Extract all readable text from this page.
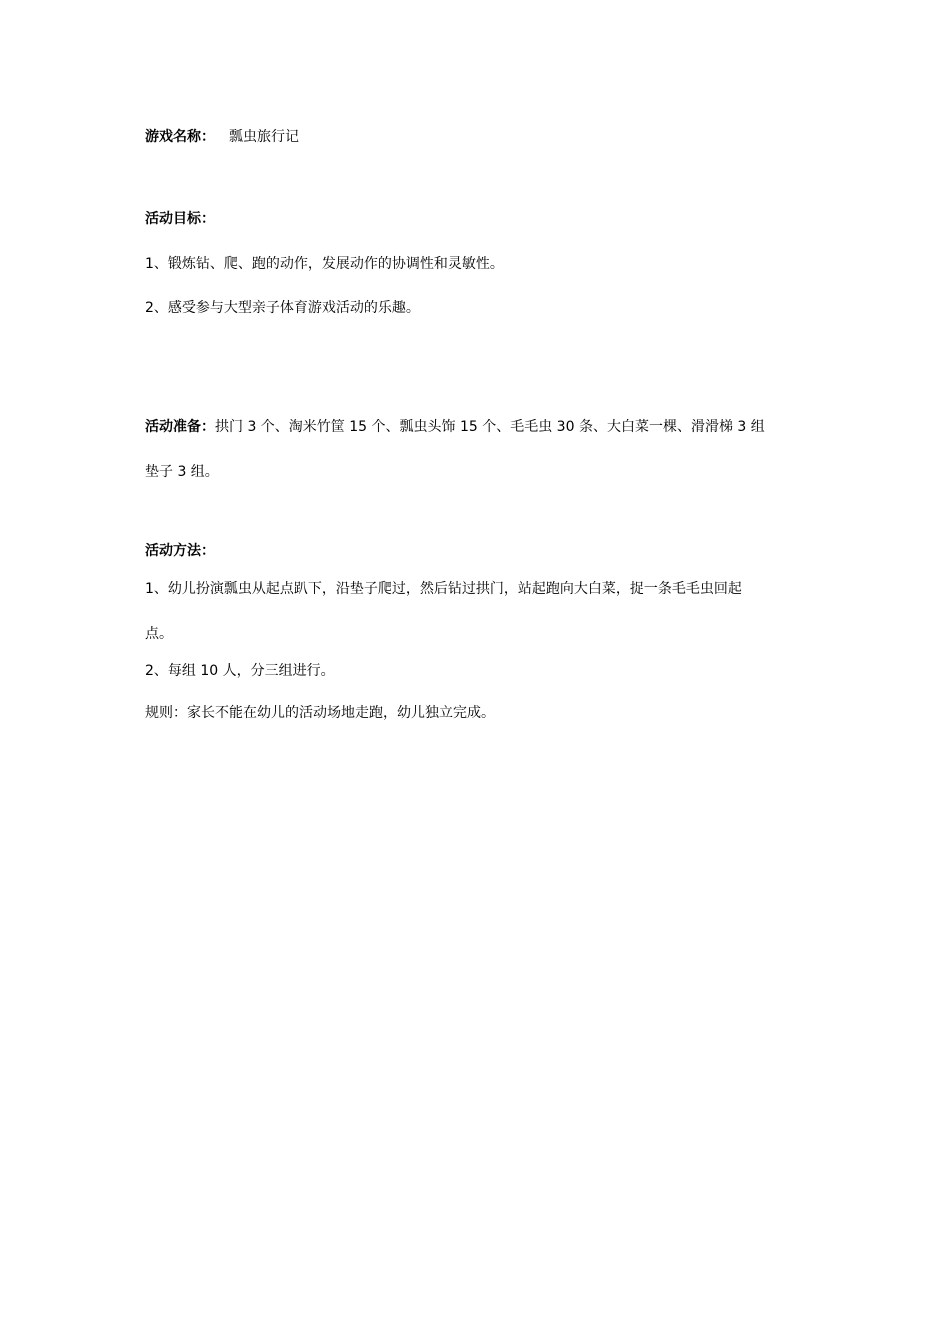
游戏名称： 瓢虫旅行记
活动目标：
1、锻炼钻、爬、跑的动作，发展动作的协调性和灵敏性。
2、感受参与大型亲子体育游戏活动的乐趣。
活动准备：拱门 3 个、淘米竹筐 15 个、瓢虫头饰 15 个、毛毛虫 30 条、大白菜一棵、滑滑梯 3 组
垫子 3 组。
活动方法：
1、幼儿扮演瓢虫从起点趴下，沿垫子爬过，然后钻过拱门，站起跑向大白菜，捉一条毛毛虫回起
点。
2、每组 10 人，分三组进行。
规则：家长不能在幼儿的活动场地走跑，幼儿独立完成。
